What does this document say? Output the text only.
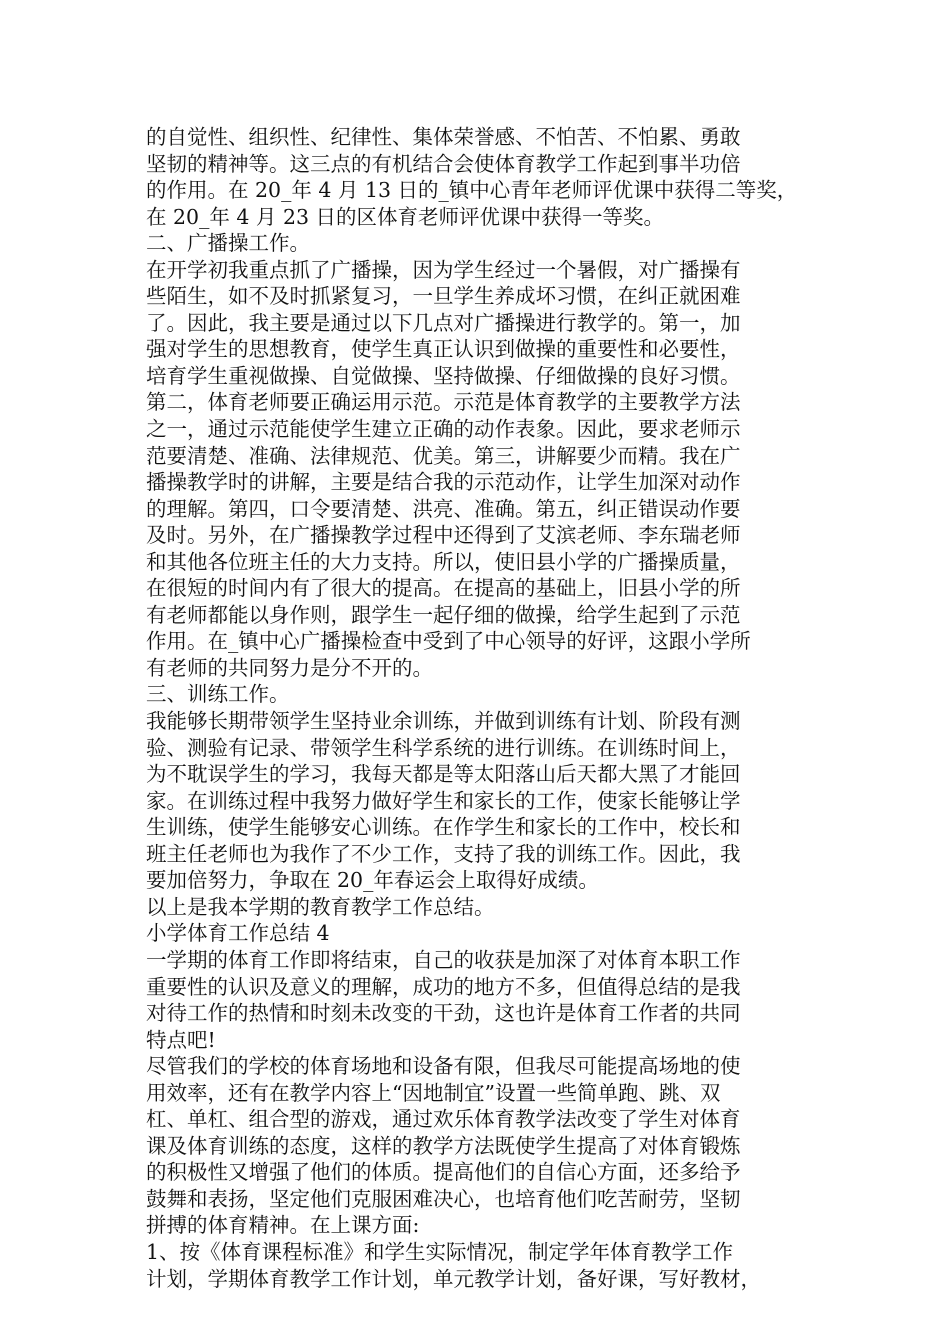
的自觉性、组织性、纪律性、集体荣誉感、不怕苦、不怕累、勇敢
坚韧的精神等。这三点的有机结合会使体育教学工作起到事半功倍
的作用。在 20_年 4 月 13 日的_镇中心青年老师评优课中获得二等奖，
在 20_年 4 月 23 日的区体育老师评优课中获得一等奖。
二、广播操工作。
在开学初我重点抓了广播操，因为学生经过一个暑假，对广播操有
些陌生，如不及时抓紧复习，一旦学生养成坏习惯，在纠正就困难
了。因此，我主要是通过以下几点对广播操进行教学的。第一，加
强对学生的思想教育，使学生真正认识到做操的重要性和必要性，
培育学生重视做操、自觉做操、坚持做操、仔细做操的良好习惯。
第二，体育老师要正确运用示范。示范是体育教学的主要教学方法
之一，通过示范能使学生建立正确的动作表象。因此，要求老师示
范要清楚、准确、法律规范、优美。第三，讲解要少而精。我在广
播操教学时的讲解，主要是结合我的示范动作，让学生加深对动作
的理解。第四，口令要清楚、洪亮、准确。第五，纠正错误动作要
及时。另外，在广播操教学过程中还得到了艾滨老师、李东瑞老师
和其他各位班主任的大力支持。所以，使旧县小学的广播操质量，
在很短的时间内有了很大的提高。在提高的基础上，旧县小学的所
有老师都能以身作则，跟学生一起仔细的做操，给学生起到了示范
作用。在_镇中心广播操检查中受到了中心领导的好评，这跟小学所
有老师的共同努力是分不开的。
三、训练工作。
我能够长期带领学生坚持业余训练，并做到训练有计划、阶段有测
验、测验有记录、带领学生科学系统的进行训练。在训练时间上，
为不耽误学生的学习，我每天都是等太阳落山后天都大黑了才能回
家。在训练过程中我努力做好学生和家长的工作，使家长能够让学
生训练，使学生能够安心训练。在作学生和家长的工作中，校长和
班主任老师也为我作了不少工作，支持了我的训练工作。因此，我
要加倍努力，争取在 20_年春运会上取得好成绩。
以上是我本学期的教育教学工作总结。
小学体育工作总结 4
一学期的体育工作即将结束，自己的收获是加深了对体育本职工作
重要性的认识及意义的理解，成功的地方不多，但值得总结的是我
对待工作的热情和时刻未改变的干劲，这也许是体育工作者的共同
特点吧!
尽管我们的学校的体育场地和设备有限，但我尽可能提高场地的使
用效率，还有在教学内容上“因地制宜”设置一些简单跑、跳、双
杠、单杠、组合型的游戏，通过欢乐体育教学法改变了学生对体育
课及体育训练的态度，这样的教学方法既使学生提高了对体育锻炼
的积极性又增强了他们的体质。提高他们的自信心方面，还多给予
鼓舞和表扬，坚定他们克服困难决心，也培育他们吃苦耐劳，坚韧
拼搏的体育精神。在上课方面:
1、按《体育课程标准》和学生实际情况，制定学年体育教学工作
计划，学期体育教学工作计划，单元教学计划，备好课，写好教材，
